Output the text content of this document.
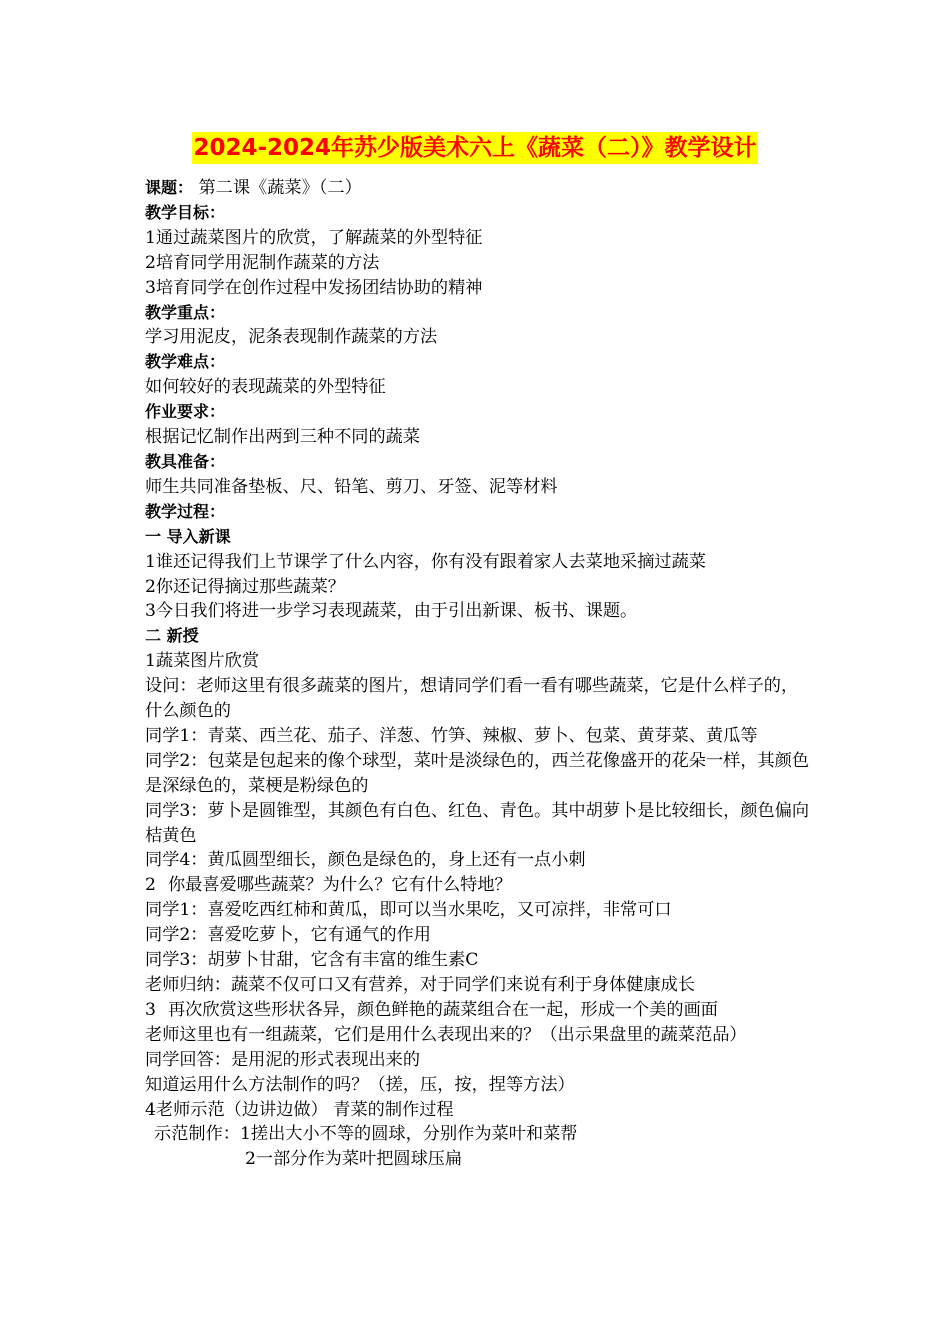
2024-2024年苏少版美术六上《蔬菜（二）》教学设计
课题： 第二课《蔬菜》（二）
教学目标：
1通过蔬菜图片的欣赏，了解蔬菜的外型特征
2培育同学用泥制作蔬菜的方法
3培育同学在创作过程中发扬团结协助的精神
教学重点：
学习用泥皮，泥条表现制作蔬菜的方法
教学难点：
如何较好的表现蔬菜的外型特征
作业要求：
根据记忆制作出两到三种不同的蔬菜
教具准备：
师生共同准备垫板、尺、铅笔、剪刀、牙签、泥等材料
教学过程：
一 导入新课
1谁还记得我们上节课学了什么内容，你有没有跟着家人去菜地采摘过蔬菜
2你还记得摘过那些蔬菜？
3今日我们将进一步学习表现蔬菜，由于引出新课、板书、课题。
二 新授
1蔬菜图片欣赏
设问：老师这里有很多蔬菜的图片，想请同学们看一看有哪些蔬菜，它是什么样子的，什么颜色的
同学1：青菜、西兰花、茄子、洋葱、竹笋、辣椒、萝卜、包菜、黄芽菜、黄瓜等
同学2：包菜是包起来的像个球型，菜叶是淡绿色的，西兰花像盛开的花朵一样，其颜色是深绿色的，菜梗是粉绿色的
同学3：萝卜是圆锥型，其颜色有白色、红色、青色。其中胡萝卜是比较细长，颜色偏向桔黄色
同学4：黄瓜圆型细长，颜色是绿色的，身上还有一点小刺
2 你最喜爱哪些蔬菜？为什么？它有什么特地？
同学1：喜爱吃西红柿和黄瓜，即可以当水果吃，又可凉拌，非常可口
同学2：喜爱吃萝卜，它有通气的作用
同学3：胡萝卜甘甜，它含有丰富的维生素C
老师归纳：蔬菜不仅可口又有营养，对于同学们来说有利于身体健康成长
3 再次欣赏这些形状各异，颜色鲜艳的蔬菜组合在一起，形成一个美的画面
老师这里也有一组蔬菜，它们是用什么表现出来的？（出示果盘里的蔬菜范品）
同学回答：是用泥的形式表现出来的
知道运用什么方法制作的吗？（搓，压，按，捏等方法）
4老师示范（边讲边做） 青菜的制作过程
示范制作：1搓出大小不等的圆球，分别作为菜叶和菜帮
2一部分作为菜叶把圆球压扁
